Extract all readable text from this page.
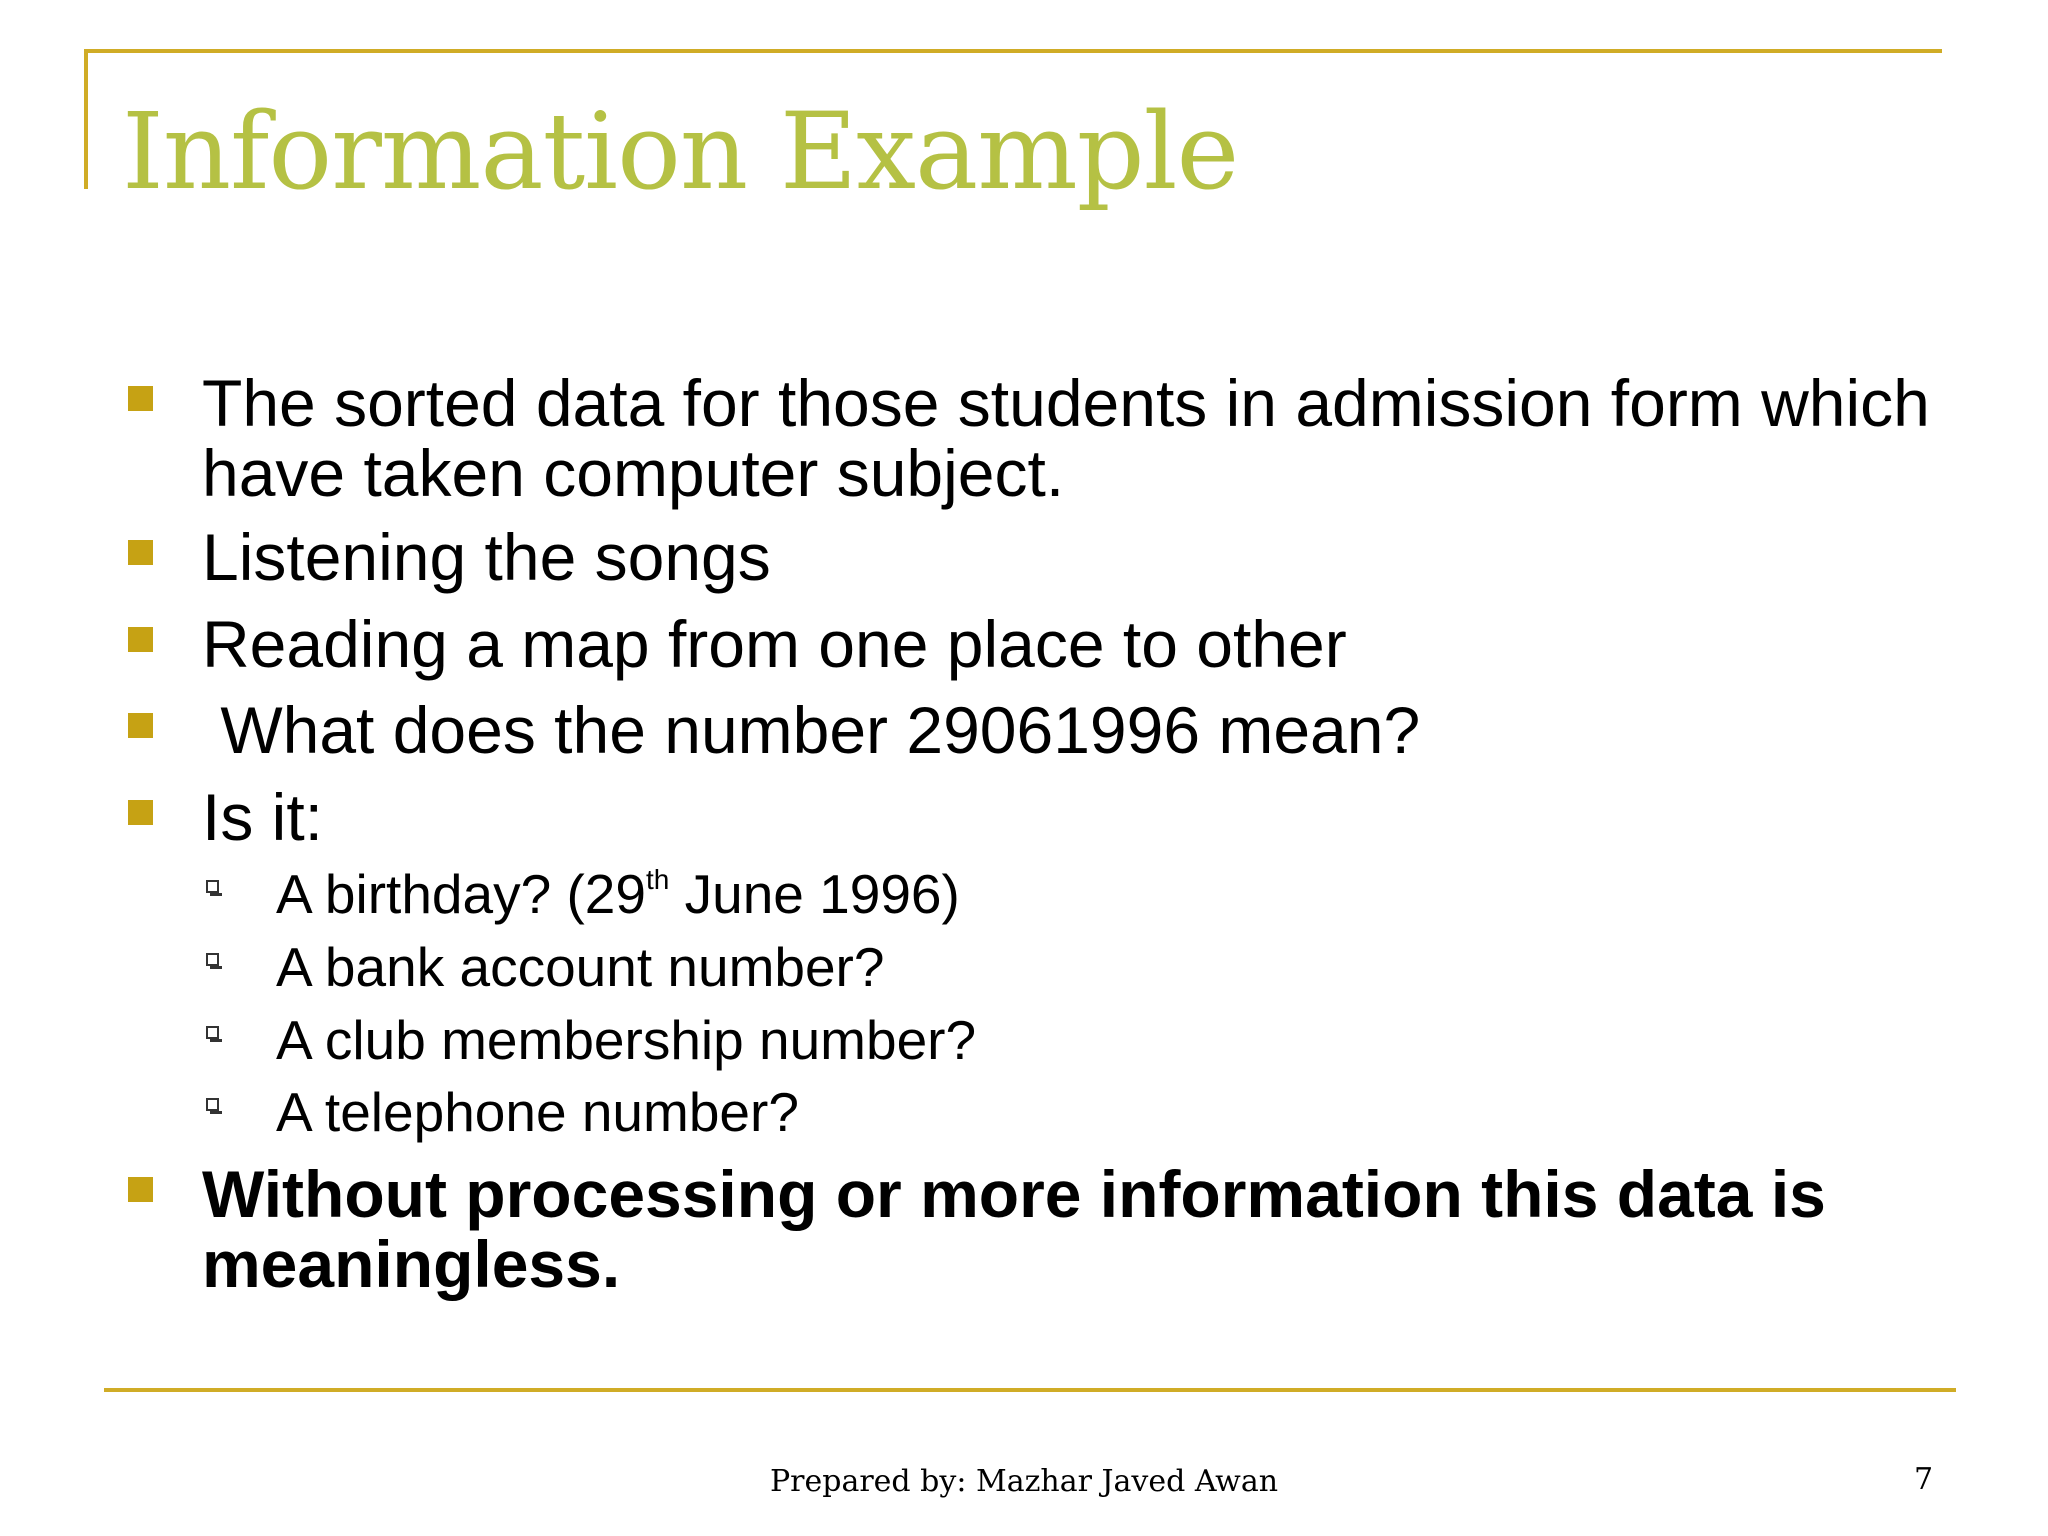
Information Example
The sorted data for those students in admission form which have taken computer subject.
Listening the songs
Reading a map from one place to other
What does the number 29061996 mean?
Is it:
A birthday? (29th June 1996)
A bank account number?
A club membership number?
A telephone number?
Without processing or more information this data is meaningless.
Prepared by: Mazhar Javed Awan	7
